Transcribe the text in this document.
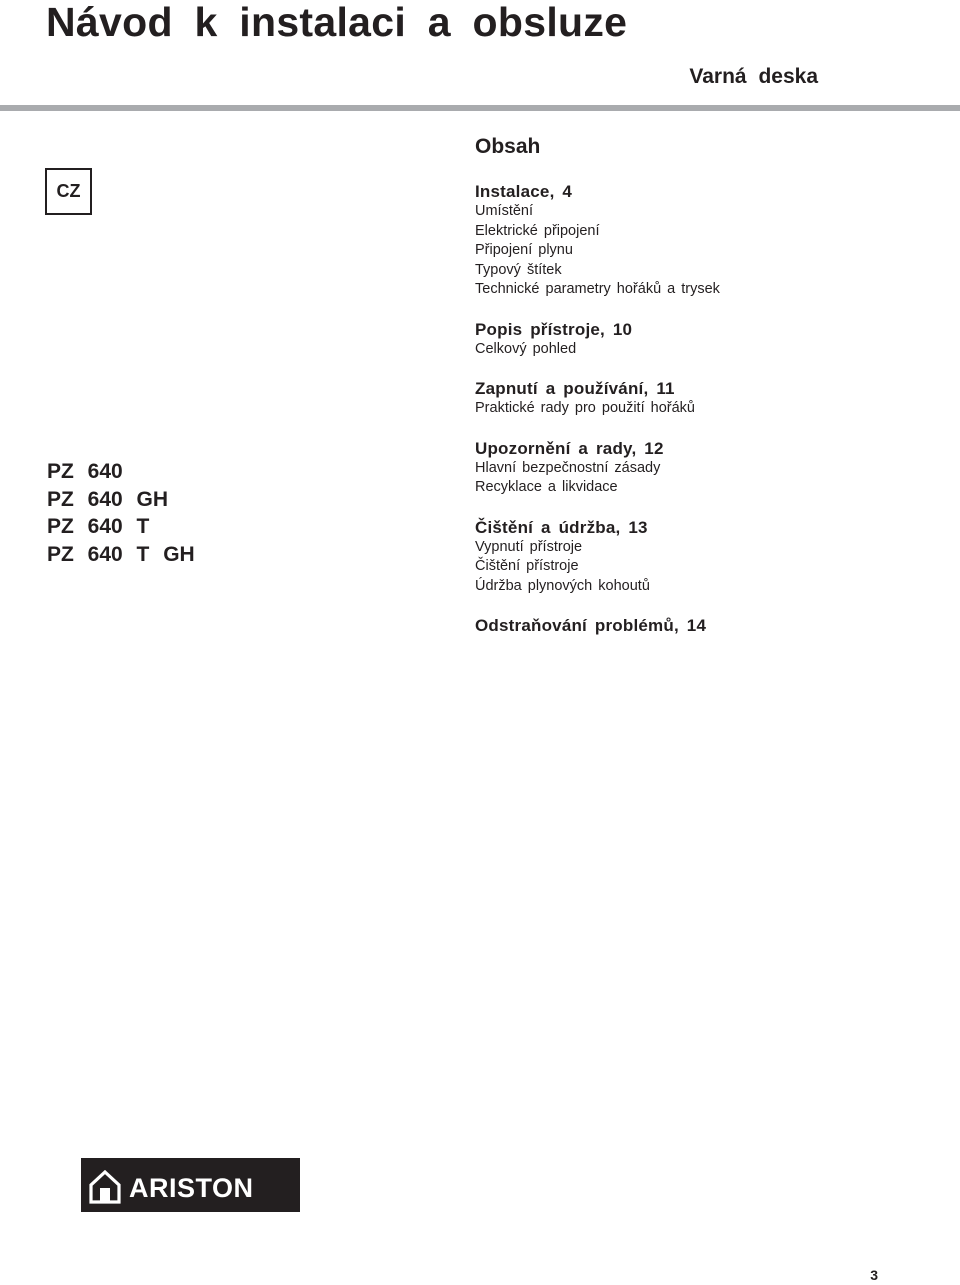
Návod k instalaci a obsluze
Varná deska
CZ
PZ 640
PZ 640 GH
PZ 640 T
PZ 640 T GH
Obsah
Instalace, 4
Umístění
Elektrické připojení
Připojení plynu
Typový štítek
Technické parametry hořáků a trysek
Popis přístroje, 10
Celkový pohled
Zapnutí a používání, 11
Praktické rady pro použití hořáků
Upozornění a rady, 12
Hlavní bezpečnostní zásady
Recyklace a likvidace
Čištění a údržba, 13
Vypnutí přístroje
Čištění přístroje
Údržba plynových kohoutů
Odstraňování problémů, 14
ARISTON
3
